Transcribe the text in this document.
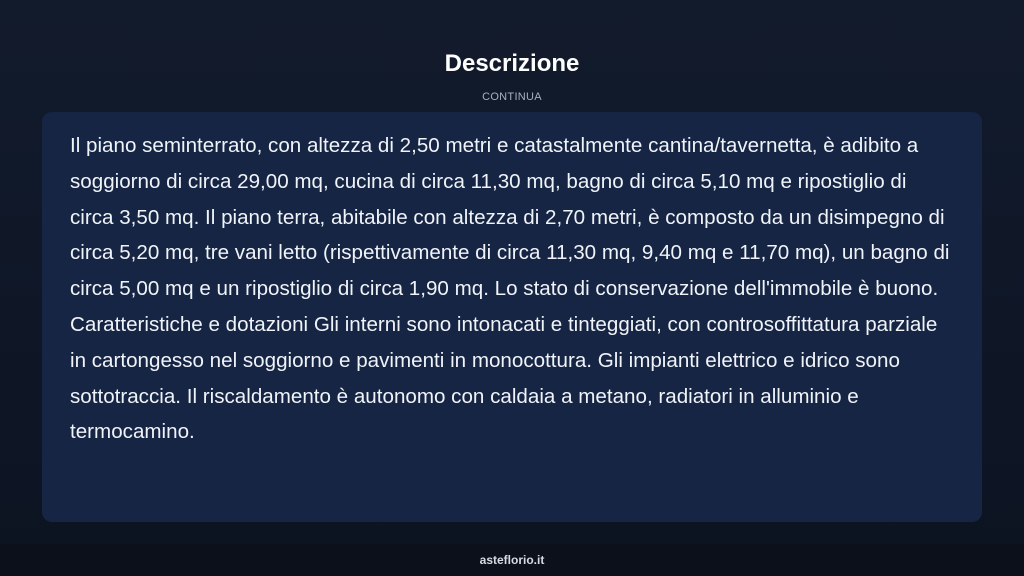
Descrizione
CONTINUA

Il piano seminterrato, con altezza di 2,50 metri e catastalmente cantina/tavernetta, è adibito a soggiorno di circa 29,00 mq, cucina di circa 11,30 mq, bagno di circa 5,10 mq e ripostiglio di circa 3,50 mq. Il piano terra, abitabile con altezza di 2,70 metri, è composto da un disimpegno di circa 5,20 mq, tre vani letto (rispettivamente di circa 11,30 mq, 9,40 mq e 11,70 mq), un bagno di circa 5,00 mq e un ripostiglio di circa 1,90 mq. Lo stato di conservazione dell'immobile è buono. Caratteristiche e dotazioni Gli interni sono intonacati e tinteggiati, con controsoffittatura parziale in cartongesso nel soggiorno e pavimenti in monocottura. Gli impianti elettrico e idrico sono sottotraccia. Il riscaldamento è autonomo con caldaia a metano, radiatori in alluminio e termocamino.

asteflorio.it
